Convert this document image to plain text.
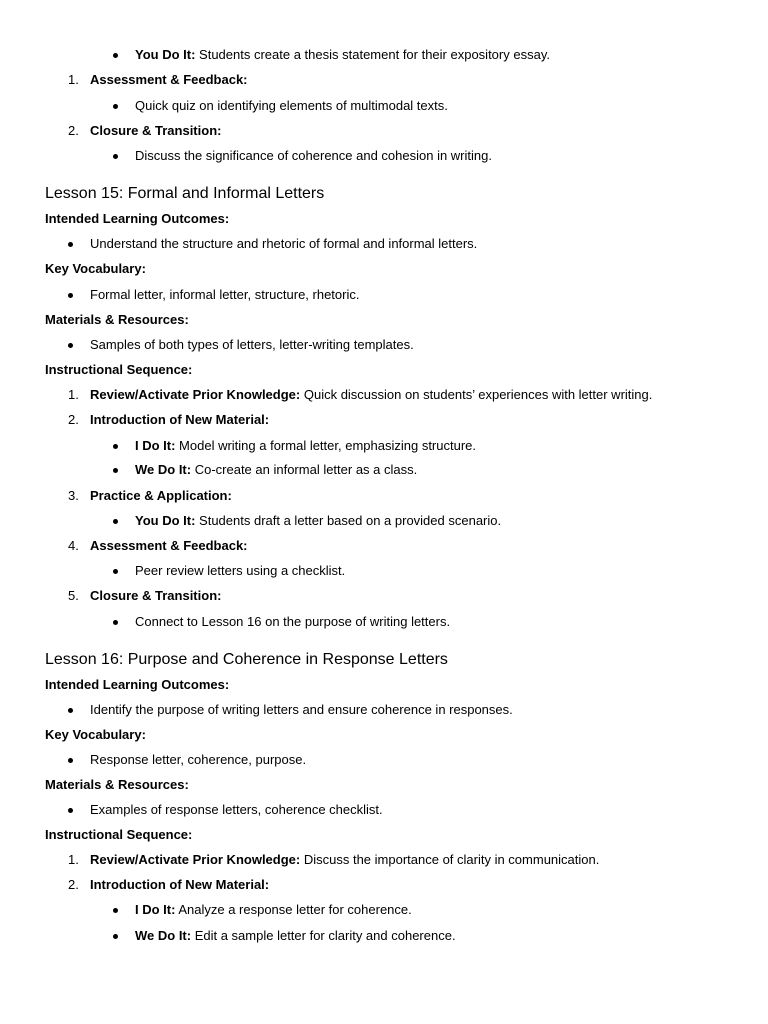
You Do It: Students create a thesis statement for their expository essay.
1. Assessment & Feedback:
Quick quiz on identifying elements of multimodal texts.
2. Closure & Transition:
Discuss the significance of coherence and cohesion in writing.
Lesson 15: Formal and Informal Letters
Intended Learning Outcomes:
Understand the structure and rhetoric of formal and informal letters.
Key Vocabulary:
Formal letter, informal letter, structure, rhetoric.
Materials & Resources:
Samples of both types of letters, letter-writing templates.
Instructional Sequence:
1. Review/Activate Prior Knowledge: Quick discussion on students’ experiences with letter writing.
2. Introduction of New Material:
I Do It: Model writing a formal letter, emphasizing structure.
We Do It: Co-create an informal letter as a class.
3. Practice & Application:
You Do It: Students draft a letter based on a provided scenario.
4. Assessment & Feedback:
Peer review letters using a checklist.
5. Closure & Transition:
Connect to Lesson 16 on the purpose of writing letters.
Lesson 16: Purpose and Coherence in Response Letters
Intended Learning Outcomes:
Identify the purpose of writing letters and ensure coherence in responses.
Key Vocabulary:
Response letter, coherence, purpose.
Materials & Resources:
Examples of response letters, coherence checklist.
Instructional Sequence:
1. Review/Activate Prior Knowledge: Discuss the importance of clarity in communication.
2. Introduction of New Material:
I Do It: Analyze a response letter for coherence.
We Do It: Edit a sample letter for clarity and coherence.
